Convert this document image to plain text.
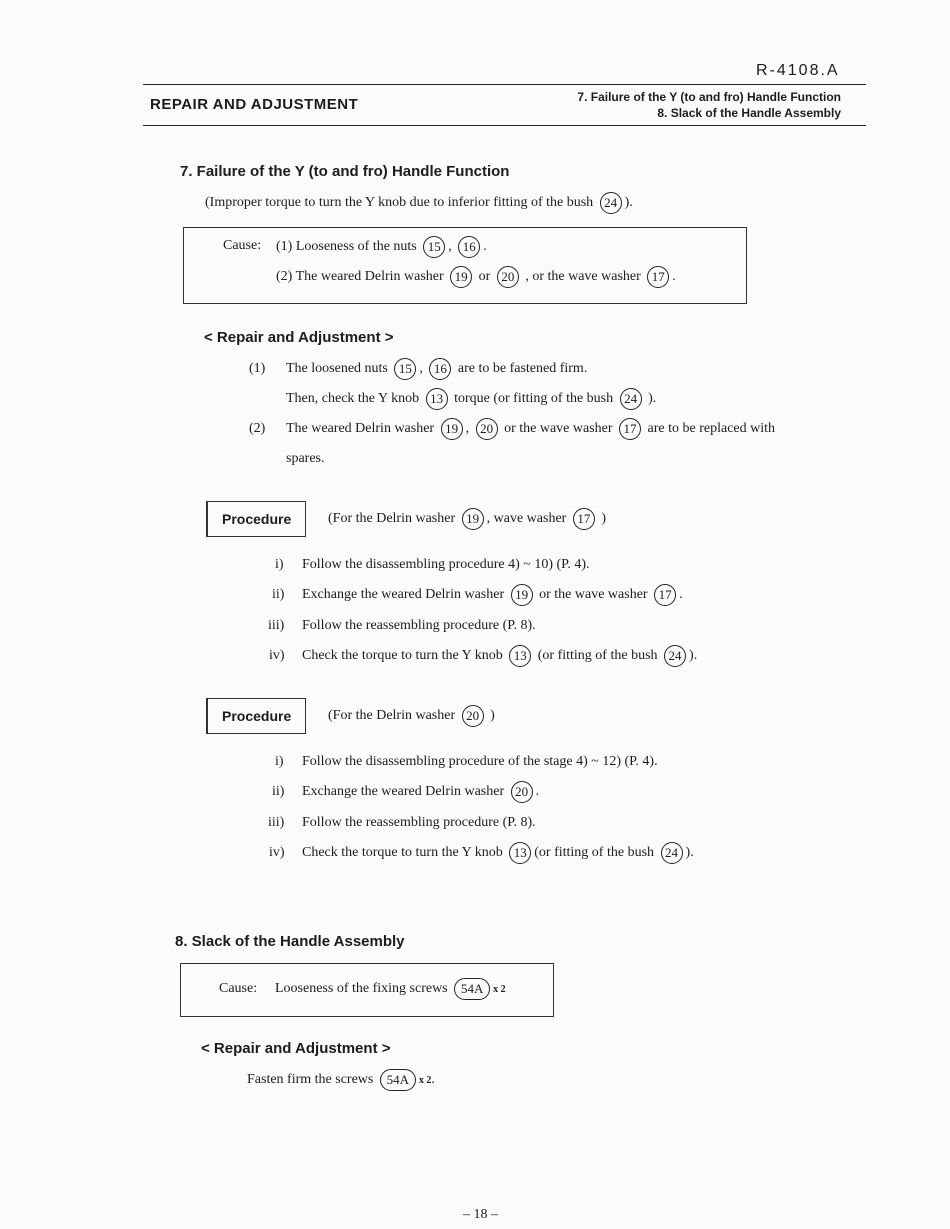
R-4108.A
REPAIR AND ADJUSTMENT	7. Failure of the Y (to and fro) Handle Function
8. Slack of the Handle Assembly
7. Failure of the Y (to and fro) Handle Function
(Improper torque to turn the Y knob due to inferior fitting of the bush 24 ).
Cause: (1) Looseness of the nuts 15 , 16 .
(2) The weared Delrin washer 19 or 20 , or the wave washer 17 .
< Repair and Adjustment >
(1) The loosened nuts 15 , 16 are to be fastened firm.
Then, check the Y knob 13 torque (or fitting of the bush 24 ).
(2) The weared Delrin washer 19 , 20 or the wave washer 17 are to be replaced with
spares.
Procedure	(For the Delrin washer 19 , wave washer 17 )
i) Follow the disassembling procedure 4) ~ 10) (P. 4).
ii) Exchange the weared Delrin washer 19 or the wave washer 17 .
iii) Follow the reassembling procedure (P. 8).
iv) Check the torque to turn the Y knob 13 (or fitting of the bush 24 ).
Procedure	(For the Delrin washer 20 )
i) Follow the disassembling procedure of the stage 4) ~ 12) (P. 4).
ii) Exchange the weared Delrin washer 20 .
iii) Follow the reassembling procedure (P. 8).
iv) Check the torque to turn the Y knob 13 (or fitting of the bush 24 ).
8. Slack of the Handle Assembly
Cause: Looseness of the fixing screws 54A x 2
< Repair and Adjustment >
Fasten firm the screws 54A x 2.
– 18 –
